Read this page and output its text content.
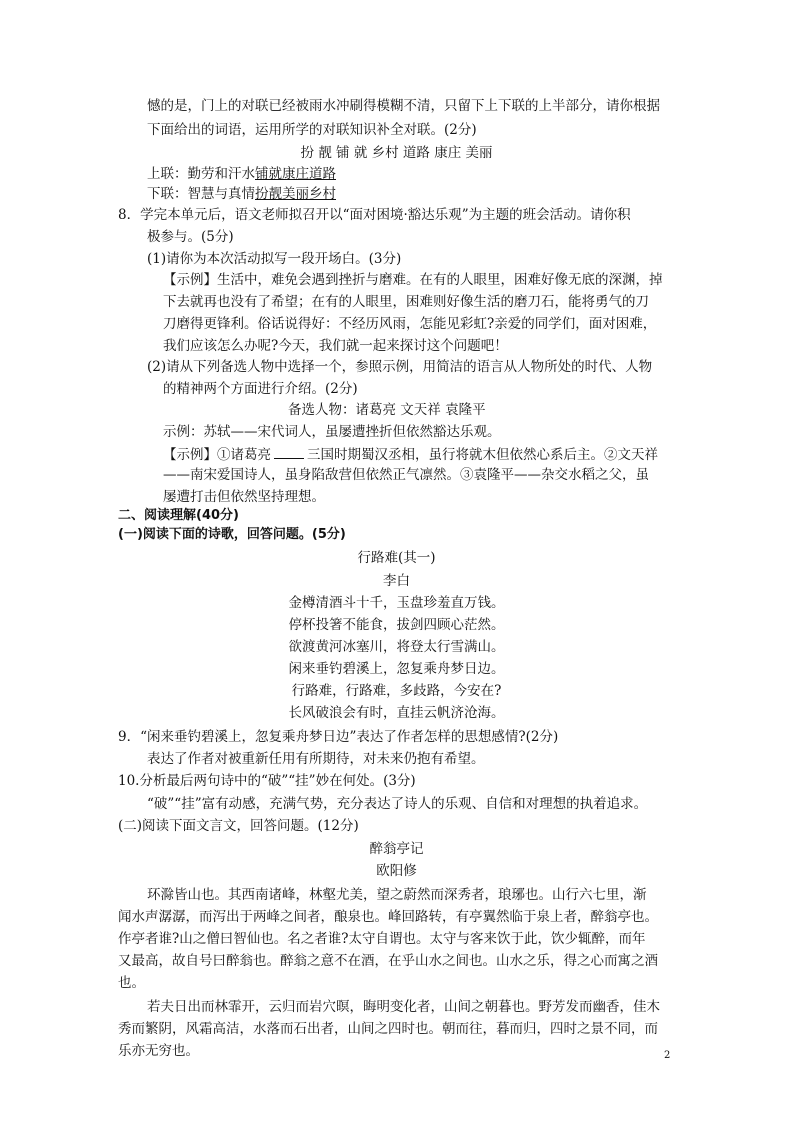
憾的是，门上的对联已经被雨水冲刷得模糊不清，只留下上下联的上半部分，请你根据
下面给出的词语，运用所学的对联知识补全对联。(2分)
扮 靓 铺 就 乡村 道路 康庄 美丽
上联：勤劳和汗水铺就康庄道路
下联：智慧与真情扮靓美丽乡村
8．学完本单元后，语文老师拟召开以“面对困境·豁达乐观”为主题的班会活动。请你积
极参与。(5分)
(1)请你为本次活动拟写一段开场白。(3分)
【示例】生活中，难免会遇到挫折与磨难。在有的人眼里，困难好像无底的深渊，掉
下去就再也没有了希望；在有的人眼里，困难则好像生活的磨刀石，能将勇气的刀
刀磨得更锋利。俗话说得好：不经历风雨，怎能见彩虹?亲爱的同学们，面对困难，
我们应该怎么办呢?今天，我们就一起来探讨这个问题吧！
(2)请从下列备选人物中选择一个，参照示例，用简洁的语言从人物所处的时代、人物
的精神两个方面进行介绍。(2分)
备选人物：诸葛亮 文天祥 袁隆平
示例：苏轼——宋代词人，虽屡遭挫折但依然豁达乐观。
【示例】①诸葛亮	三国时期蜀汉丞相，虽行将就木但依然心系后主。②文天祥
——南宋爱国诗人，虽身陷敌营但依然正气凛然。③袁隆平——杂交水稻之父，虽
屡遭打击但依然坚持理想。
二、阅读理解(40分)
(一)阅读下面的诗歌，回答问题。(5分)
行路难(其一)
李白
金樽清酒斗十千，玉盘珍羞直万钱。
停杯投箸不能食，拔剑四顾心茫然。
欲渡黄河冰塞川，将登太行雪满山。
闲来垂钓碧溪上，忽复乘舟梦日边。
行路难，行路难，多歧路，今安在?
长风破浪会有时，直挂云帆济沧海。
9．“闲来垂钓碧溪上，忽复乘舟梦日边”表达了作者怎样的思想感情?(2分)
表达了作者对被重新任用有所期待，对未来仍抱有希望。
10.分析最后两句诗中的“破”“挂”妙在何处。(3分)
“破”“挂”富有动感，充满气势，充分表达了诗人的乐观、自信和对理想的执着追求。
(二)阅读下面文言文，回答问题。(12分)
醉翁亭记
欧阳修
环滁皆山也。其西南诸峰，林壑尤美，望之蔚然而深秀者，琅琊也。山行六七里，渐
闻水声潺潺，而泻出于两峰之间者，酿泉也。峰回路转，有亭翼然临于泉上者，醉翁亭也。
作亭者谁?山之僧曰智仙也。名之者谁?太守自谓也。太守与客来饮于此，饮少辄醉，而年
又最高，故自号曰醉翁也。醉翁之意不在酒，在乎山水之间也。山水之乐，得之心而寓之酒
也。
若夫日出而林霏开，云归而岩穴暝，晦明变化者，山间之朝暮也。野芳发而幽香，佳木
秀而繁阴，风霜高洁，水落而石出者，山间之四时也。朝而往，暮而归，四时之景不同，而
乐亦无穷也。	2
